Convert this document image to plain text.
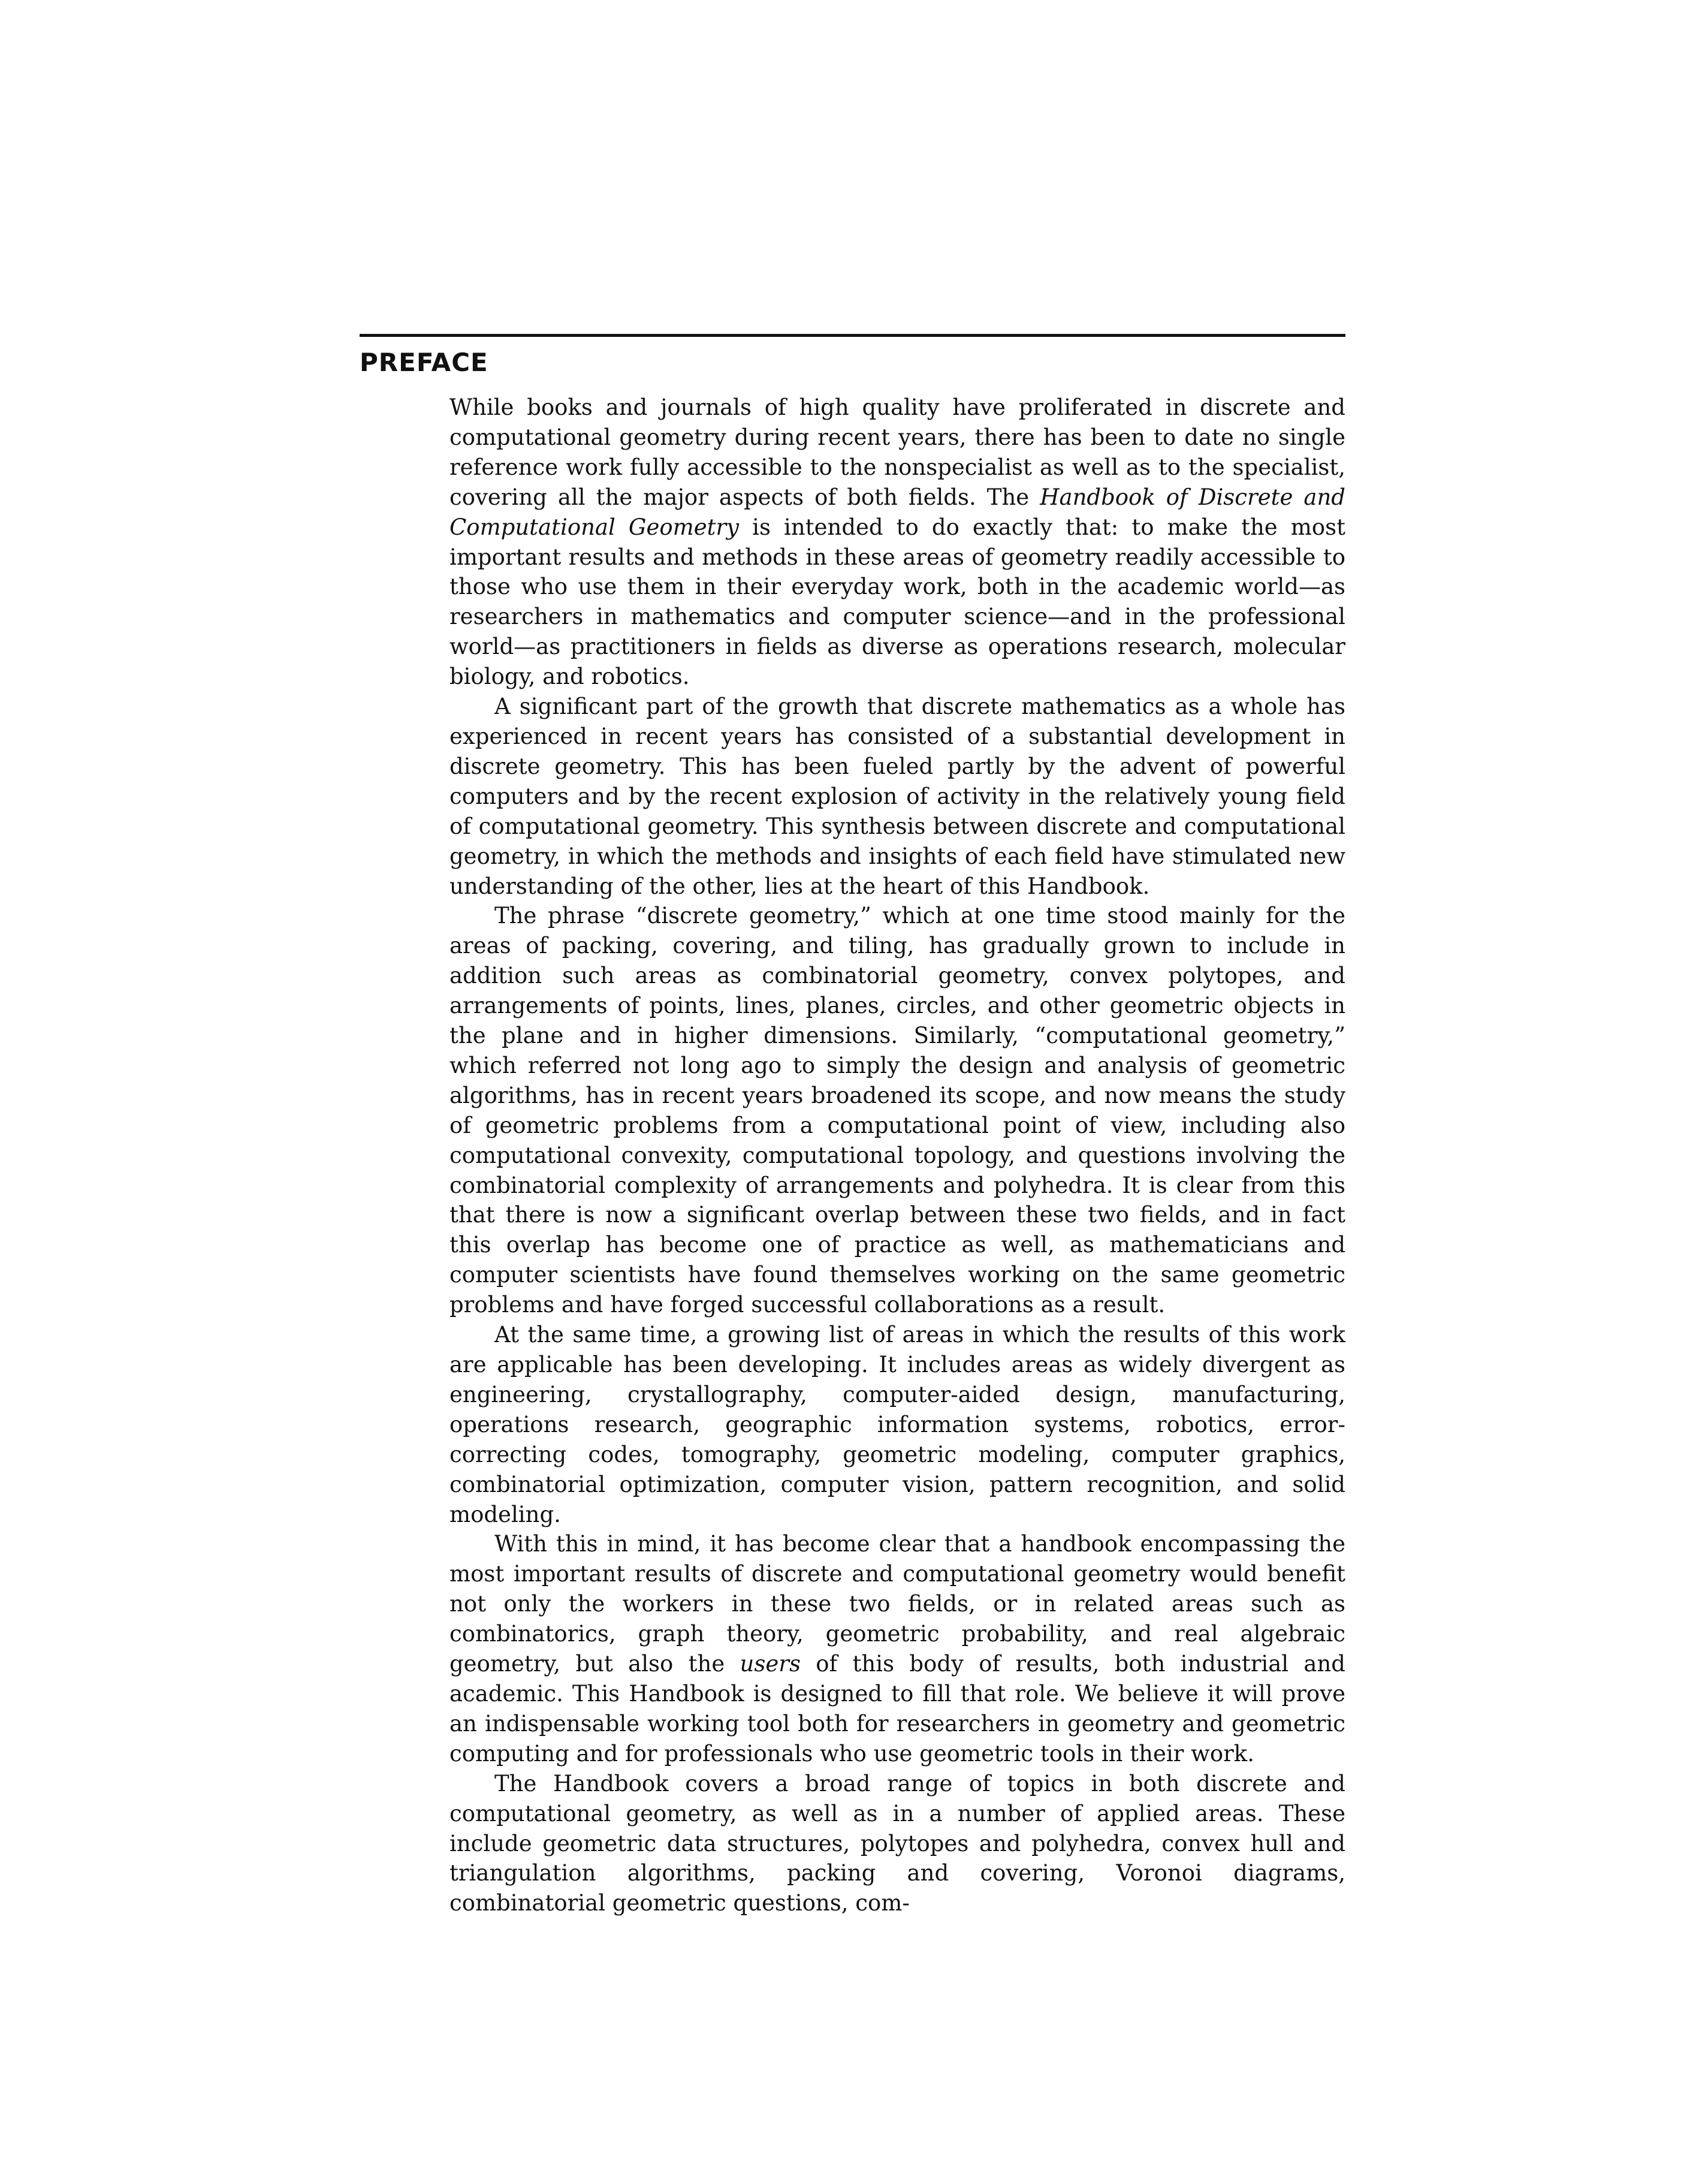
PREFACE

While books and journals of high quality have proliferated in discrete and computational geometry during recent years, there has been to date no single reference work fully accessible to the nonspecialist as well as to the specialist, covering all the major aspects of both fields. The Handbook of Discrete and Computational Geometry is intended to do exactly that: to make the most important results and methods in these areas of geometry readily accessible to those who use them in their everyday work, both in the academic world—as researchers in mathematics and computer science—and in the professional world—as practitioners in fields as diverse as operations research, molecular biology, and robotics.

A significant part of the growth that discrete mathematics as a whole has experienced in recent years has consisted of a substantial development in discrete geometry. This has been fueled partly by the advent of powerful computers and by the recent explosion of activity in the relatively young field of computational geometry. This synthesis between discrete and computational geometry, in which the methods and insights of each field have stimulated new understanding of the other, lies at the heart of this Handbook.

The phrase “discrete geometry,” which at one time stood mainly for the areas of packing, covering, and tiling, has gradually grown to include in addition such areas as combinatorial geometry, convex polytopes, and arrangements of points, lines, planes, circles, and other geometric objects in the plane and in higher dimensions. Similarly, “computational geometry,” which referred not long ago to simply the design and analysis of geometric algorithms, has in recent years broadened its scope, and now means the study of geometric problems from a computational point of view, including also computational convexity, computational topology, and questions involving the combinatorial complexity of arrangements and polyhedra. It is clear from this that there is now a significant overlap between these two fields, and in fact this overlap has become one of practice as well, as mathematicians and computer scientists have found themselves working on the same geometric problems and have forged successful collaborations as a result.

At the same time, a growing list of areas in which the results of this work are applicable has been developing. It includes areas as widely divergent as engineering, crystallography, computer-aided design, manufacturing, operations research, geographic information systems, robotics, error-correcting codes, tomography, geometric modeling, computer graphics, combinatorial optimization, computer vision, pattern recognition, and solid modeling.

With this in mind, it has become clear that a handbook encompassing the most important results of discrete and computational geometry would benefit not only the workers in these two fields, or in related areas such as combinatorics, graph theory, geometric probability, and real algebraic geometry, but also the users of this body of results, both industrial and academic. This Handbook is designed to fill that role. We believe it will prove an indispensable working tool both for researchers in geometry and geometric computing and for professionals who use geometric tools in their work.

The Handbook covers a broad range of topics in both discrete and computational geometry, as well as in a number of applied areas. These include geometric data structures, polytopes and polyhedra, convex hull and triangulation algorithms, packing and covering, Voronoi diagrams, combinatorial geometric questions, com-
